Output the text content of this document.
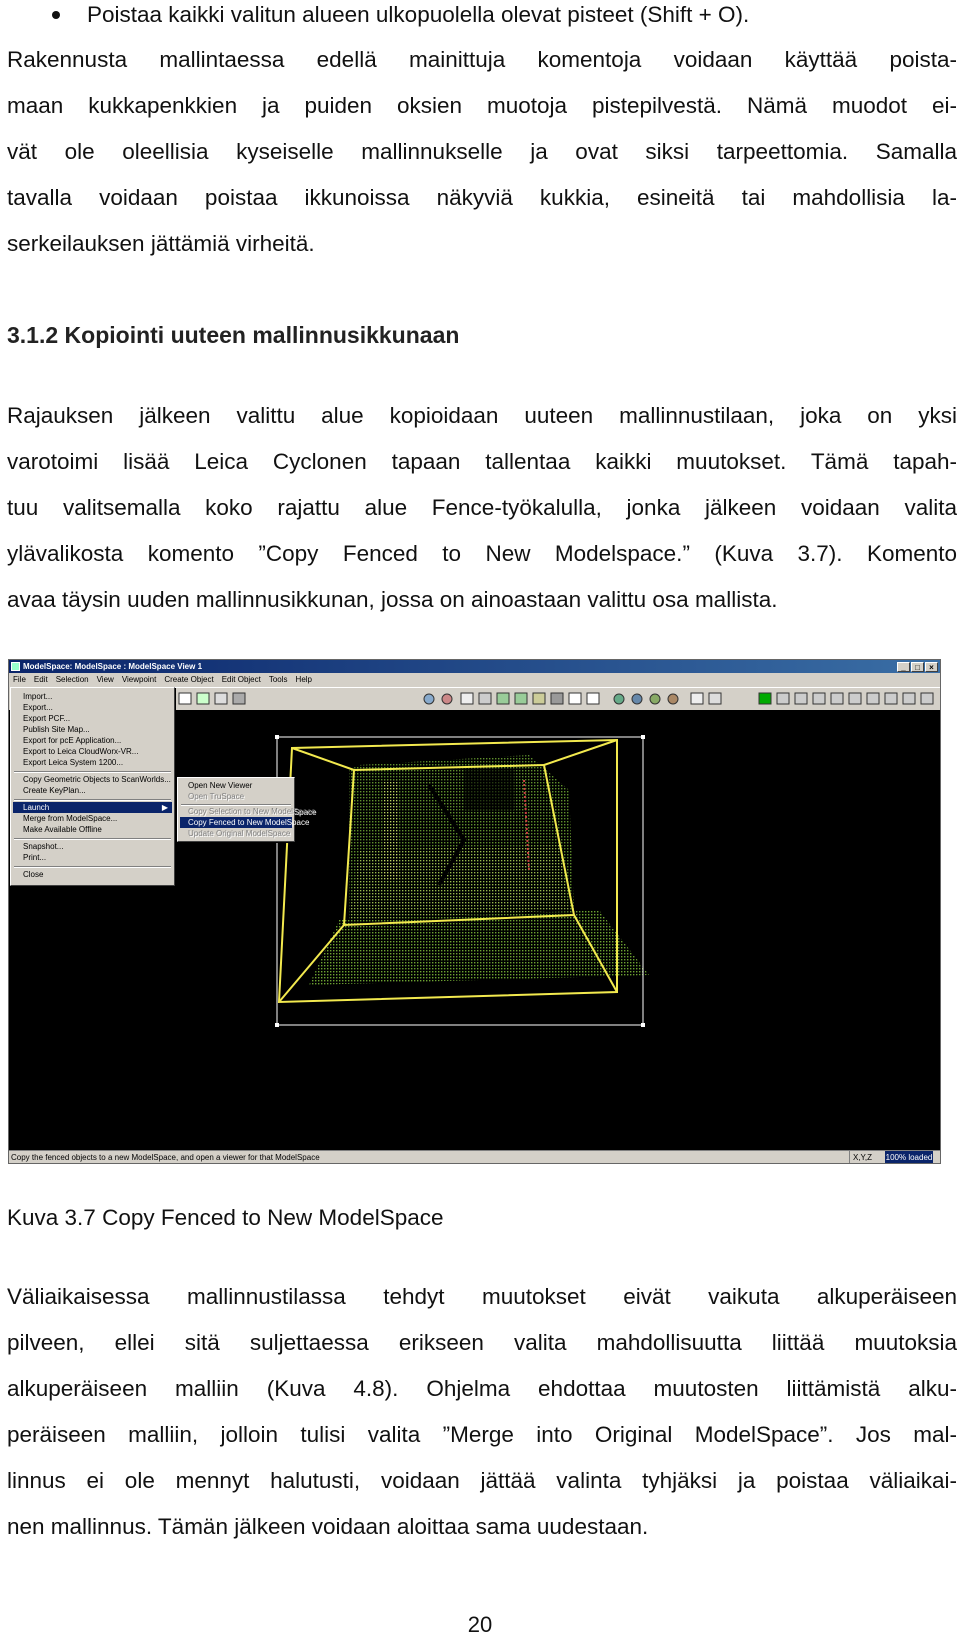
Poistaa kaikki valitun alueen ulkopuolella olevat pisteet (Shift + O).
Rakennusta mallintaessa edellä mainittuja komentoja voidaan käyttää poista-
maan kukkapenkkien ja puiden oksien muotoja pistepilvestä. Nämä muodot ei-
vät ole oleellisia kyseiselle mallinnukselle ja ovat siksi tarpeettomia. Samalla
tavalla voidaan poistaa ikkunoissa näkyviä kukkia, esineitä tai mahdollisia la-
serkeilauksen jättämiä virheitä.
3.1.2 Kopiointi uuteen mallinnusikkunaan
Rajauksen jälkeen valittu alue kopioidaan uuteen mallinnustilaan, joka on yksi
varotoimi lisää Leica Cyclonen tapaan tallentaa kaikki muutokset. Tämä tapah-
tuu valitsemalla koko rajattu alue Fence-työkalulla, jonka jälkeen voidaan valita
ylävalikosta komento ”Copy Fenced to New Modelspace.” (Kuva 3.7). Komento
avaa täysin uuden mallinnusikkunan, jossa on ainoastaan valittu osa mallista.
ModelSpace: ModelSpace : ModelSpace View 1	_ □ ×
File Edit Selection View Viewpoint Create Object Edit Object Tools Help
Import...
Export...
Export PCF...
Publish Site Map...
Export for pcE Application...
Export to Leica CloudWorx-VR...
Export Leica System 1200...
Copy Geometric Objects to ScanWorlds...
Create KeyPlan...
Launch	▶
Merge from ModelSpace...
Make Available Offline
Snapshot...
Print...
Close
Open New Viewer
Open TruSpace
Copy Selection to New ModelSpace
Copy Fenced to New ModelSpace
Update Original ModelSpace
Copy the fenced objects to a new ModelSpace, and open a viewer for that ModelSpace	X,Y,Z	100% loaded
Kuva 3.7 Copy Fenced to New ModelSpace
Väliaikaisessa mallinnustilassa tehdyt muutokset eivät vaikuta alkuperäiseen
pilveen, ellei sitä suljettaessa erikseen valita mahdollisuutta liittää muutoksia
alkuperäiseen malliin (Kuva 4.8). Ohjelma ehdottaa muutosten liittämistä alku-
peräiseen malliin, jolloin tulisi valita ”Merge into Original ModelSpace”. Jos mal-
linnus ei ole mennyt halutusti, voidaan jättää valinta tyhjäksi ja poistaa väliaikai-
nen mallinnus. Tämän jälkeen voidaan aloittaa sama uudestaan.
20
